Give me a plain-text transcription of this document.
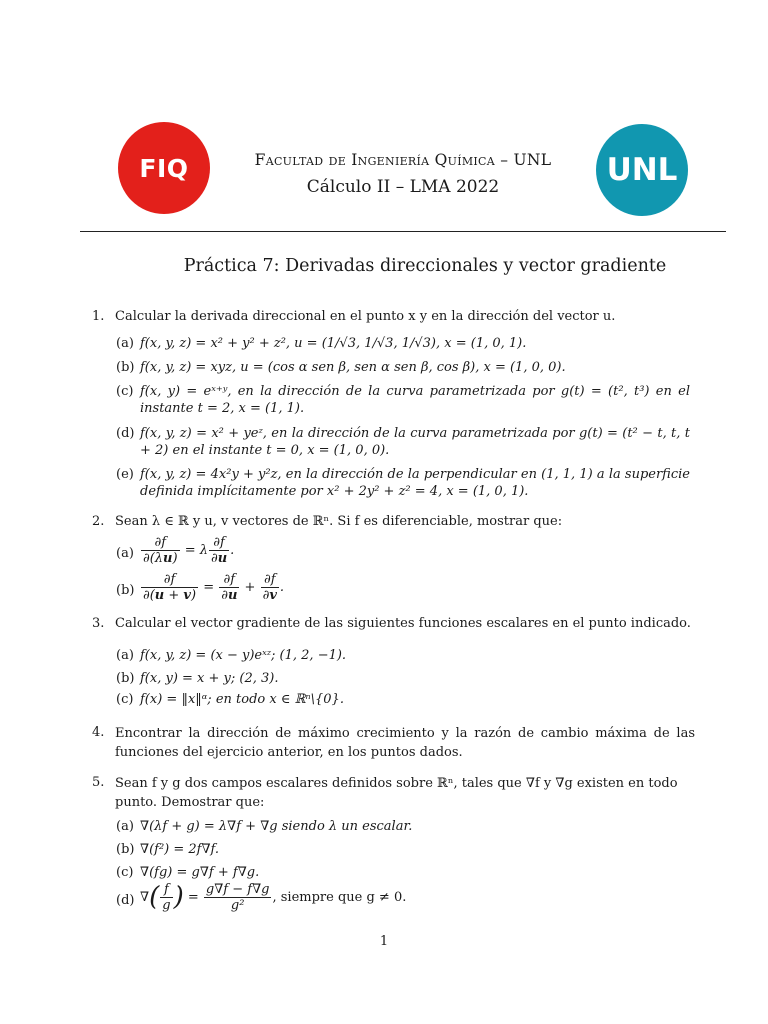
FIQ	UNL
Facultad de Ingeniería Química – UNL
Cálculo II – LMA 2022
Práctica 7: Derivadas direccionales y vector gradiente
1. Calcular la derivada direccional en el punto x y en la dirección del vector u.
(a) f(x, y, z) = x² + y² + z², u = (1/√3, 1/√3, 1/√3), x = (1, 0, 1).
(b) f(x, y, z) = xyz, u = (cos α sen β, sen α sen β, cos β), x = (1, 0, 0).
(c) f(x, y) = eˣ⁺ʸ, en la dirección de la curva parametrizada por g(t) = (t², t³) en el instante t = 2, x = (1, 1).
(d) f(x, y, z) = x² + yeᶻ, en la dirección de la curva parametrizada por g(t) = (t² − t, t, t + 2) en el instante t = 0, x = (1, 0, 0).
(e) f(x, y, z) = 4x²y + y²z, en la dirección de la perpendicular en (1, 1, 1) a la superficie definida implícitamente por x² + 2y² + z² = 4, x = (1, 0, 1).
2. Sean λ ∈ ℝ y u, v vectores de ℝⁿ. Si f es diferenciable, mostrar que:
$(a) \frac{\partial f}{\partial(\lambda u)} = \lambda \frac{\partial f}{\partial u}$ .
$(b) \frac{\partial f}{\partial(u + v)} = \frac{\partial f}{\partial u} + \frac{\partial f}{\partial v}$ .
3. Calcular el vector gradiente de las siguientes funciones escalares en el punto indicado.
(a) f(x, y, z) = (x − y)eˣᶻ; (1, 2, −1).
(b) f(x, y) = x + y; (2, 3).
(c) f(x) = ‖x‖ᵅ; en todo x ∈ ℝⁿ\{0}.
4. Encontrar la dirección de máximo crecimiento y la razón de cambio máxima de las funciones del ejercicio anterior, en los puntos dados.
5. Sean f y g dos campos escalares definidos sobre ℝⁿ, tales que ∇f y ∇g existen en todo punto. Demostrar que:
(a) ∇(λf + g) = λ∇f + ∇g siendo λ un escalar.
(b) ∇(f²) = 2f∇f.
(c) ∇(fg) = g∇f + f∇g.
(d) ∇( $\frac{f}{g}$ ) = $\frac{g\nabla f - f\nabla g}{\text{g²}}$ , siempre que g ≠ 0.
1
